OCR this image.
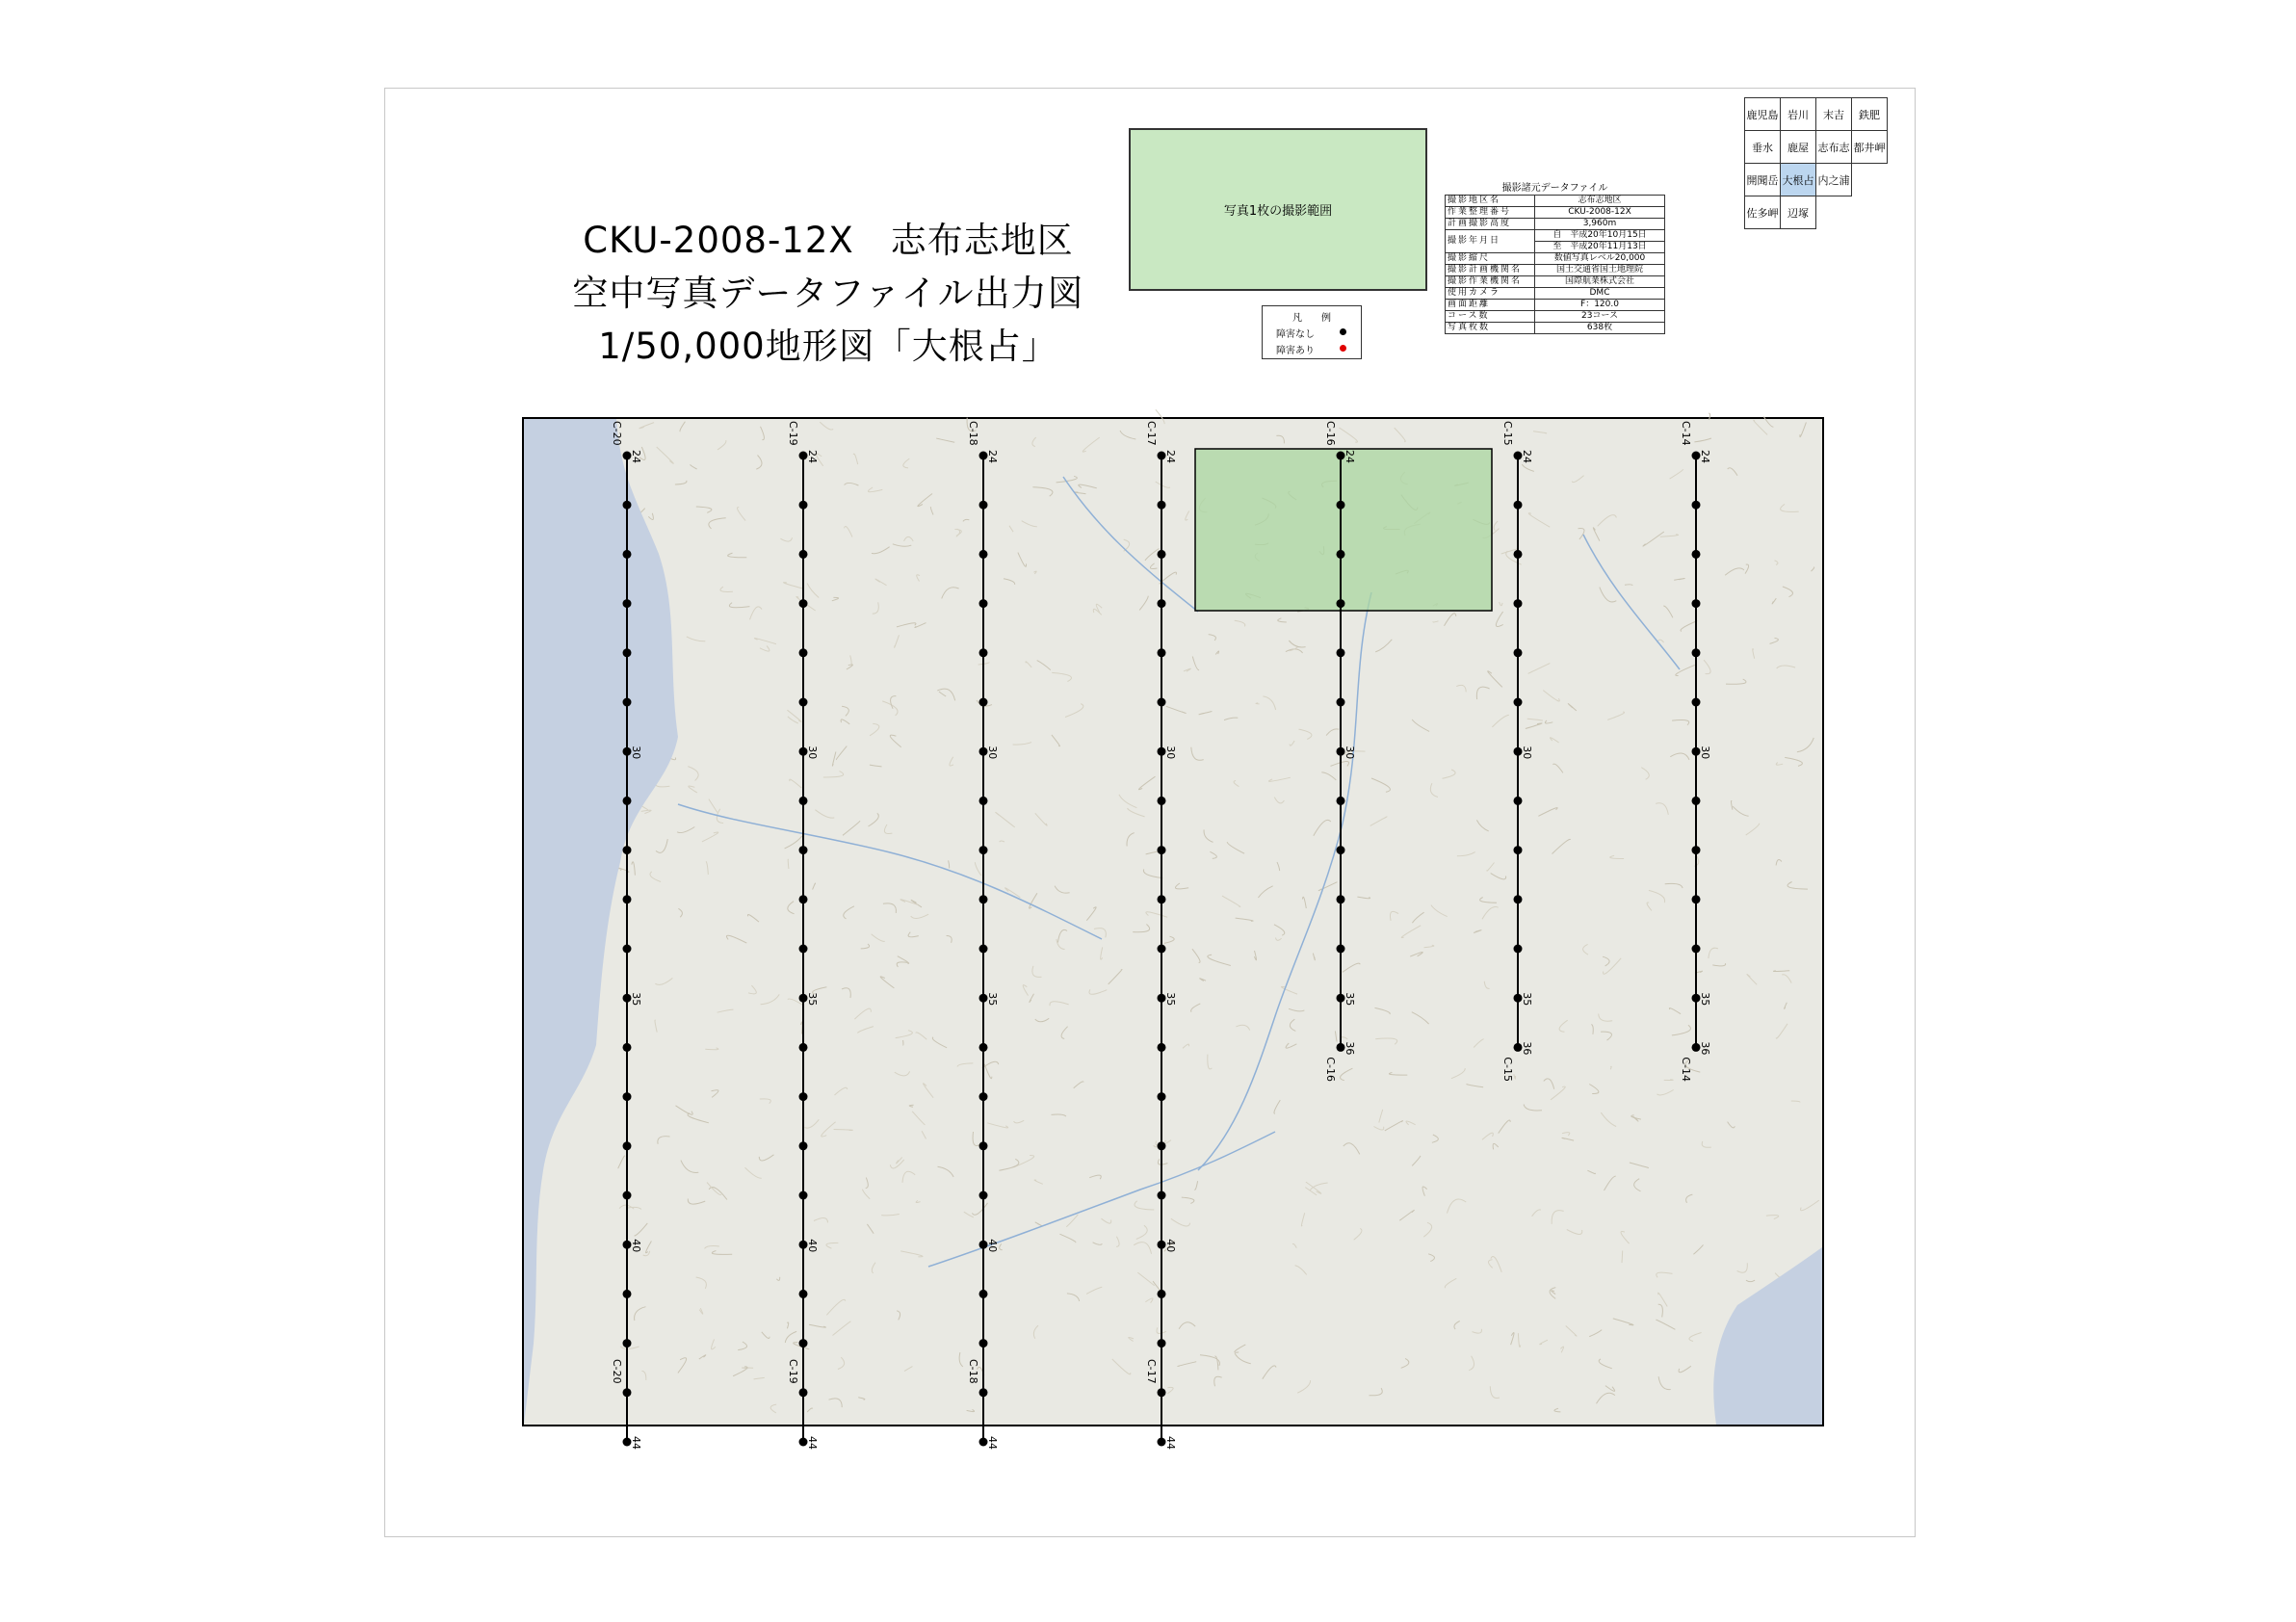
CKU-2008-12X　志布志地区
空中写真データファイル出力図
1/50,000地形図「大根占」
写真1枚の撮影範囲
凡　　例
障害なし
障害あり
撮影諸元データファイル
撮影地区名	志布志地区
作業整理番号	CKU-2008-12X
計画撮影高度	3,960m
撮影年月日	自　平成20年10月15日
	至　平成20年11月13日
撮影縮尺	数値写真レベル20,000
撮影計画機関名	国土交通省国土地理院
撮影作業機関名	国際航業株式会社
使用カメラ	DMC
画面距離	F：120.0
コース数	23コース
写真枚数	638枚
鹿児島	岩川	末吉	鉄肥
垂水	鹿屋	志布志	都井岬
開聞岳	大根占	内之浦	
佐多岬	辺塚		
C-20
C-20
24
30
35
40
44
C-19
C-19
24
30
35
40
44
C-18
C-18
24
30
35
40
44
C-17
C-17
24
30
35
40
44
C-16
C-16
24
30
35
36
C-15
C-15
24
30
35
36
C-14
C-14
24
30
35
36
